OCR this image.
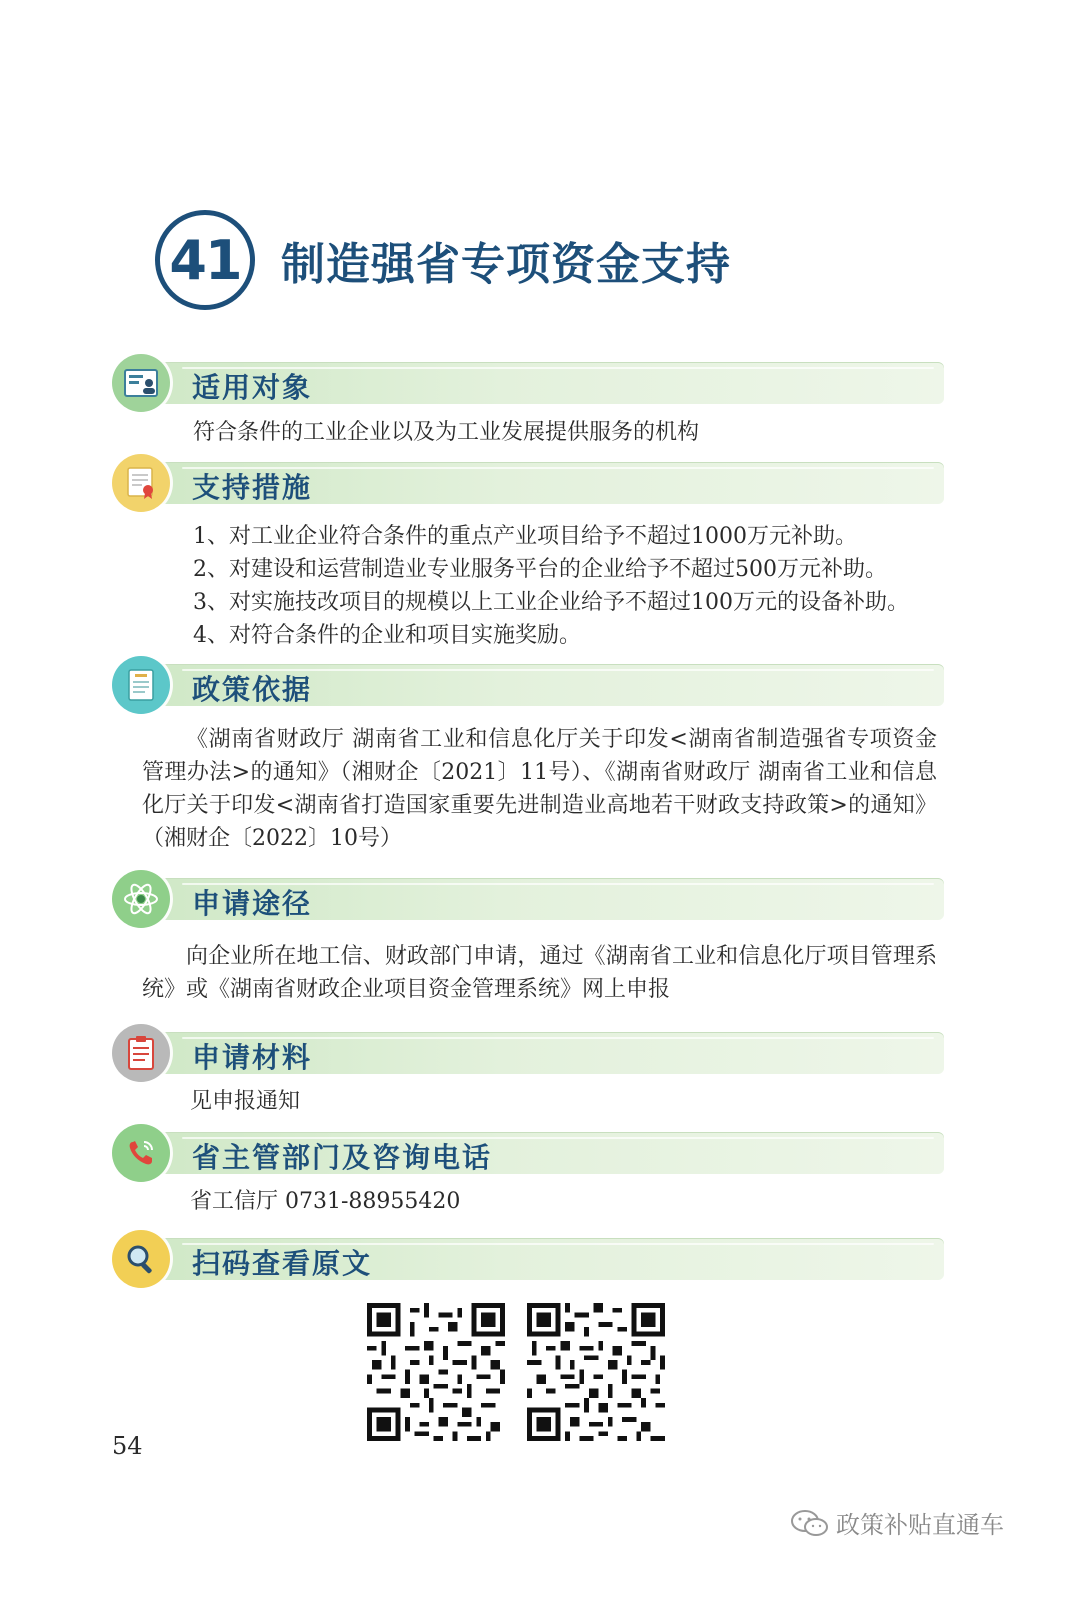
41 制造强省专项资金支持
适用对象
符合条件的工业企业以及为工业发展提供服务的机构
支持措施
1、对工业企业符合条件的重点产业项目给予不超过1000万元补助。
2、对建设和运营制造业专业服务平台的企业给予不超过500万元补助。
3、对实施技改项目的规模以上工业企业给予不超过100万元的设备补助。
4、对符合条件的企业和项目实施奖励。
政策依据
《湖南省财政厅 湖南省工业和信息化厅关于印发<湖南省制造强省专项资金管理办法>的通知》（湘财企〔2021〕11号）、《湖南省财政厅 湖南省工业和信息化厅关于印发<湖南省打造国家重要先进制造业高地若干财政支持政策>的通知》（湘财企〔2022〕10号）
申请途径
向企业所在地工信、财政部门申请，通过《湖南省工业和信息化厅项目管理系统》或《湖南省财政企业项目资金管理系统》网上申报
申请材料
见申报通知
省主管部门及咨询电话
省工信厅 0731-88955420
扫码查看原文
54
政策补贴直通车
